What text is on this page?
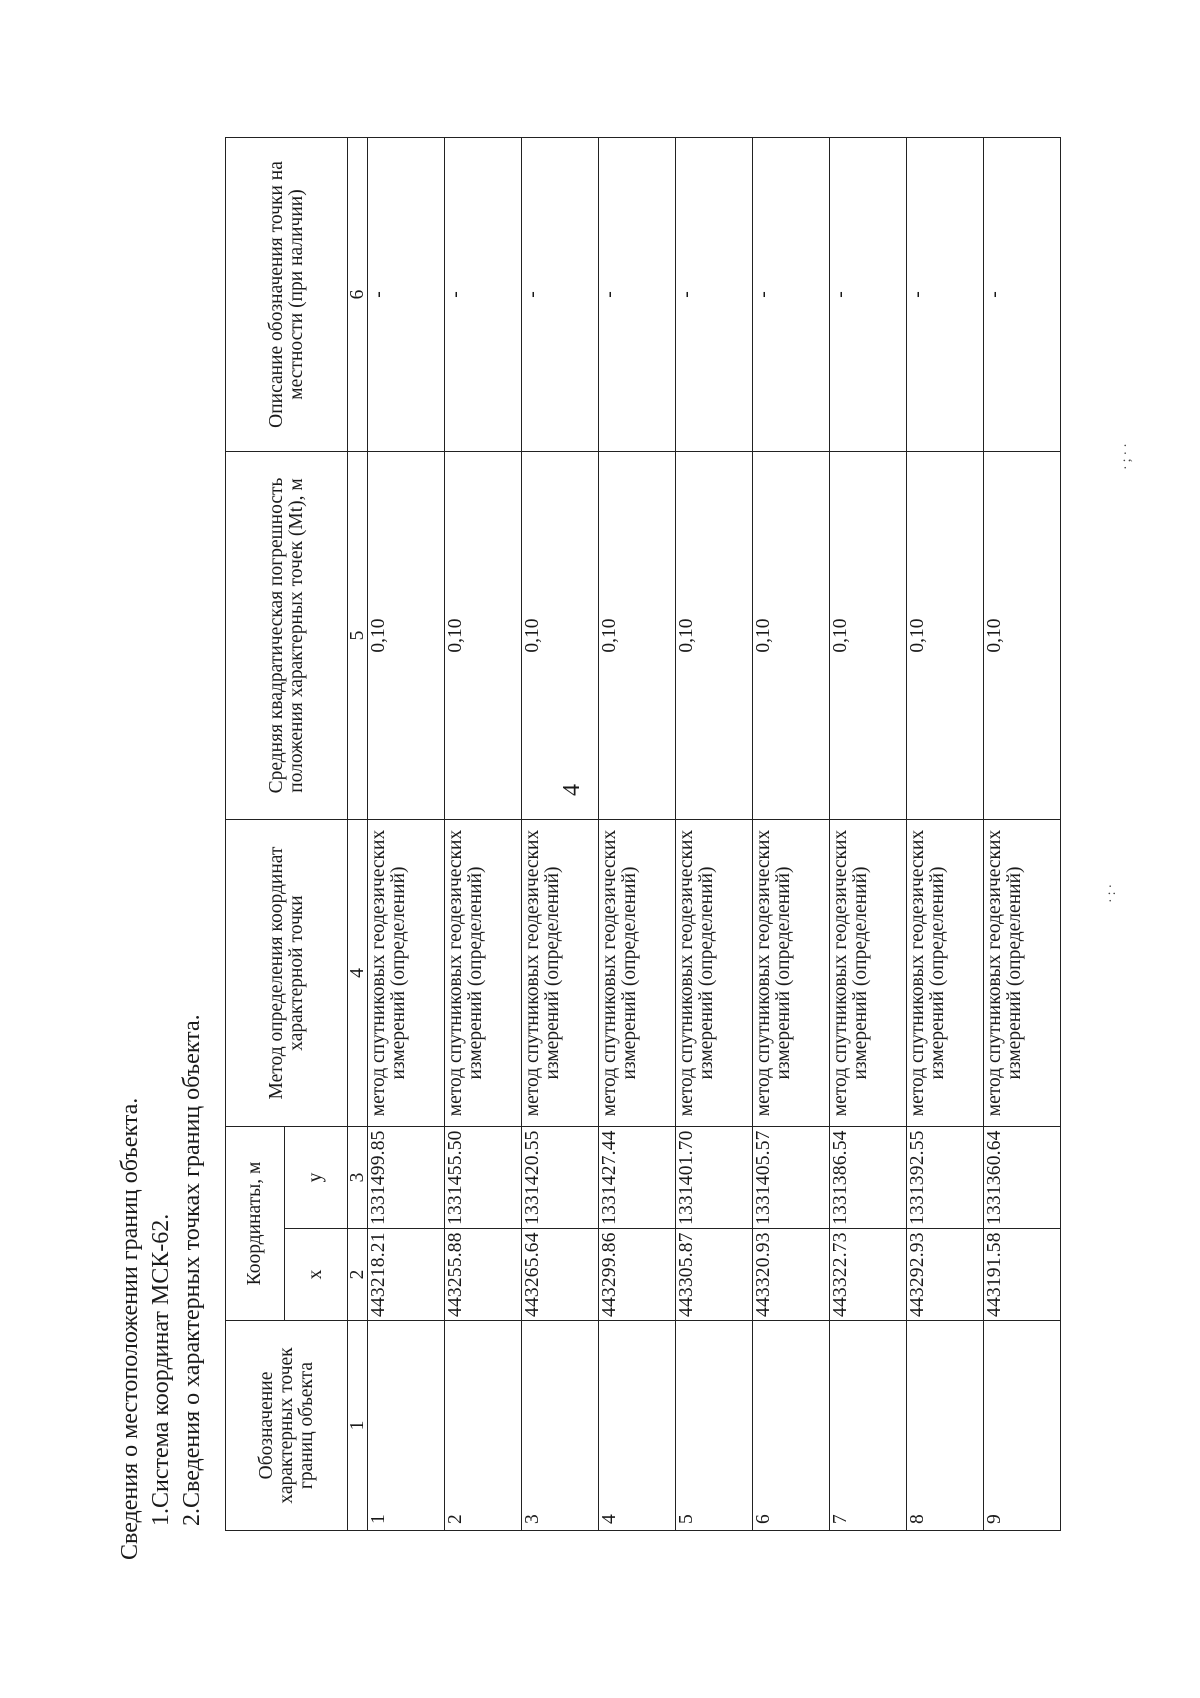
4
Сведения о местоположении границ объекта. 1.Система координат МСК-62. 2.Сведения о характерных точках границ объекта.	Обозначение характерных точек границ объекта	Координаты, м		Метод определения координат характерной точки	Средняя квадратическая погрешность положения характерных точек (Mt), м	Описание обозначения точки на местности (при наличии)
	x	y			
1	2	3	4	5	6
1	443218.21	1331499.85	метод спутниковых геодезических измерений (определений)	0,10	-
2	443255.88	1331455.50	метод спутниковых геодезических измерений (определений)	0,10	-
3	443265.64	1331420.55	метод спутниковых геодезических измерений (определений)	0,10	-
4	443299.86	1331427.44	метод спутниковых геодезических измерений (определений)	0,10	-
5	443305.87	1331401.70	метод спутниковых геодезических измерений (определений)	0,10	-
6	443320.93	1331405.57	метод спутниковых геодезических измерений (определений)	0,10	-
7	443322.73	1331386.54	метод спутниковых геодезических измерений (определений)	0,10	-
8	443292.93	1331392.55	метод спутниковых геодезических измерений (определений)	0,10	-
9	443191.58	1331360.64	метод спутниковых геодезических измерений (определений)	0,10	-
·:·
·;··
